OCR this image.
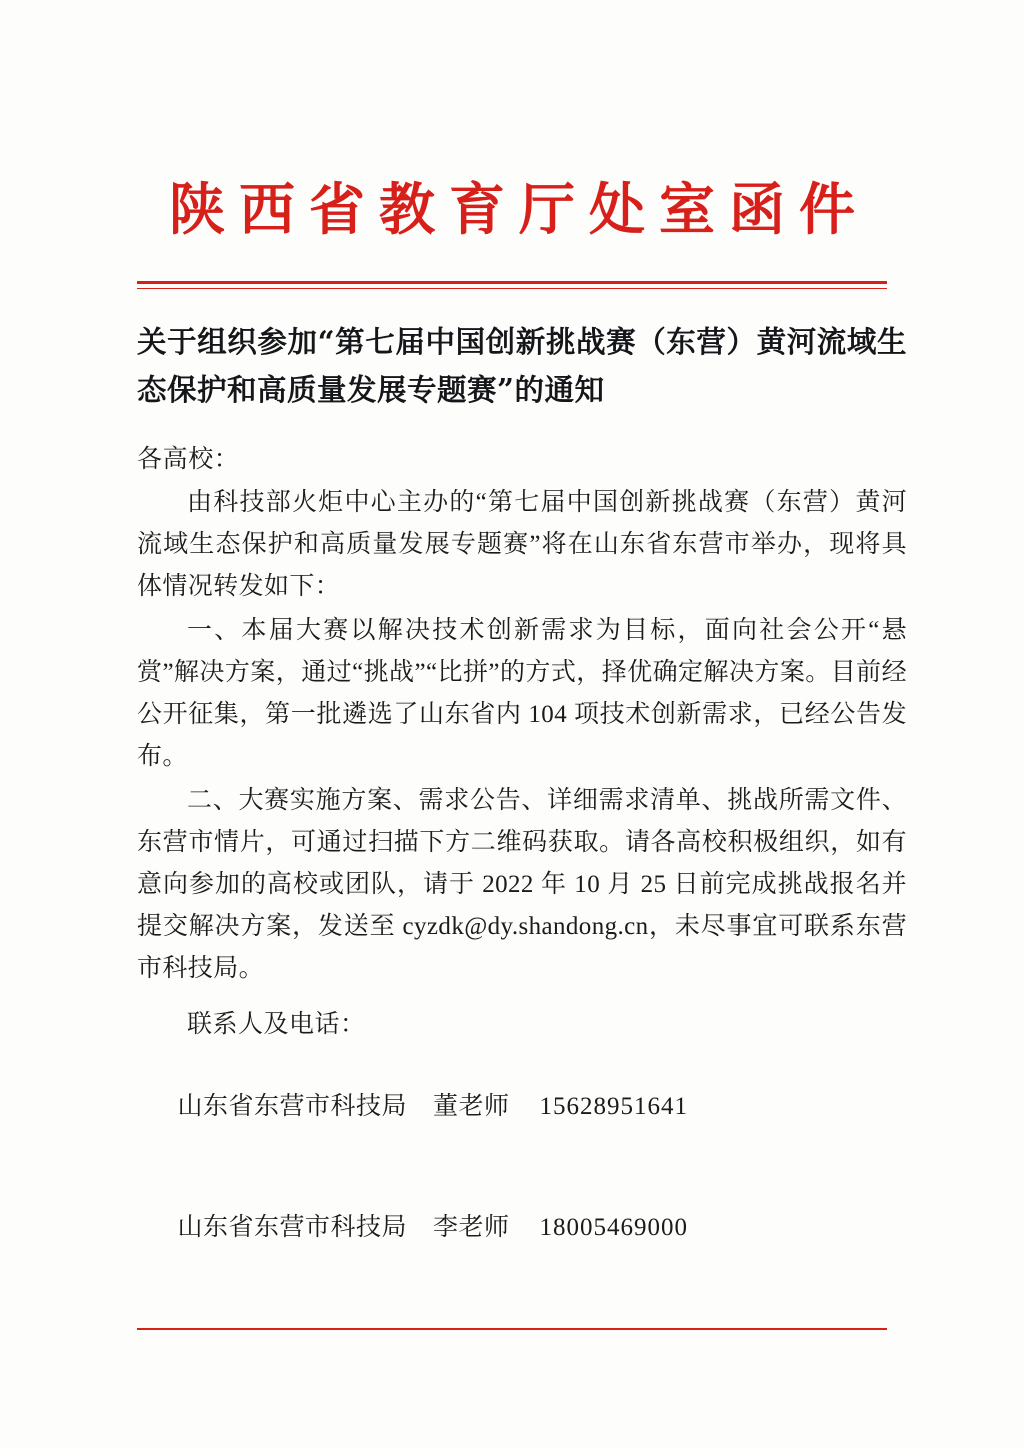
陕西省教育厅处室函件
关于组织参加“第七届中国创新挑战赛（东营）黄河流域生态保护和高质量发展专题赛”的通知
各高校：

由科技部火炬中心主办的“第七届中国创新挑战赛（东营）黄河流域生态保护和高质量发展专题赛”将在山东省东营市举办，现将具体情况转发如下：

一、本届大赛以解决技术创新需求为目标，面向社会公开“悬赏”解决方案，通过“挑战”“比拼”的方式，择优确定解决方案。目前经公开征集，第一批遴选了山东省内 104 项技术创新需求，已经公告发布。

二、大赛实施方案、需求公告、详细需求清单、挑战所需文件、东营市情片，可通过扫描下方二维码获取。请各高校积极组织，如有意向参加的高校或团队，请于 2022 年 10 月 25 日前完成挑战报名并提交解决方案，发送至 cyzdk@dy.shandong.cn，未尽事宜可联系东营市科技局。

联系人及电话：

山东省东营市科技局 董老师 15628951641

山东省东营市科技局 李老师 18005469000
